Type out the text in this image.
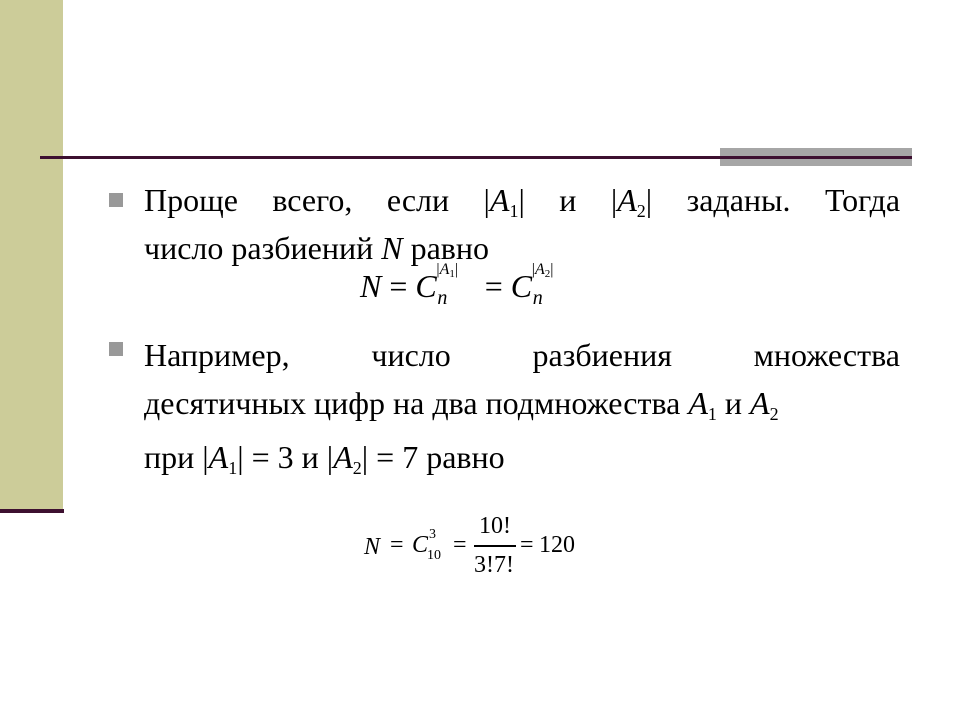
Проще всего, если $|A_1|$ и $|A_2|$ заданы. Тогда
число разбиений N равно
N = C |A1|
n = C |A2|
n
Например,	число	разбиения	множества
десятичных цифр на два подмножества $A_1$ и $A_2$
при $|A_1| = 3$ и $|A_2| = 7$ равно
N = C 3
10 =
10!
3!7!
= 120
